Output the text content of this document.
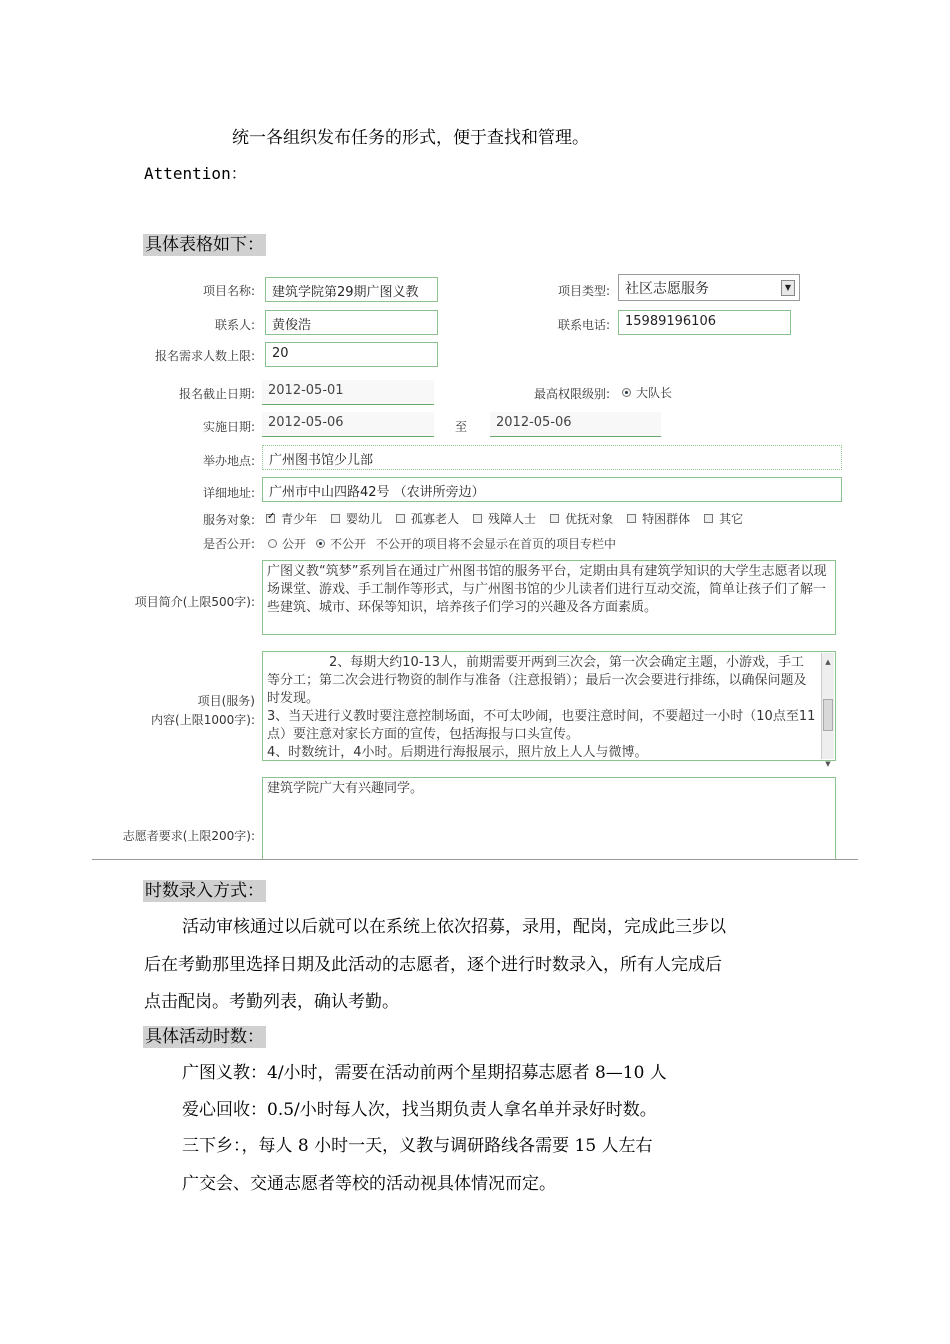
统一各组织发布任务的形式，便于查找和管理。
Attention：
具体表格如下：
项目名称:	建筑学院第29期广图义教	项目类型:	社区志愿服务	▼
联系人:	黄俊浩	联系电话:	15989196106
报名需求人数上限:	20
报名截止日期:	2012-05-01	最高权限级别: 大队长
实施日期:	2012-05-06	至	2012-05-06
举办地点:	广州图书馆少儿部
详细地址:	广州市中山四路42号 （农讲所旁边）
服务对象:
✓ 青少年 婴幼儿 孤寡老人 残障人士 优抚对象 特困群体 其它
是否公开: 公开 不公开 不公开的项目将不会显示在首页的项目专栏中
项目简介(上限500字):
广图义教“筑梦”系列旨在通过广州图书馆的服务平台，定期由具有建筑学知识的大学生志愿者以现场课堂、游戏、手工制作等形式，与广州图书馆的少儿读者们进行互动交流，简单让孩子们了解一些建筑、城市、环保等知识，培养孩子们学习的兴趣及各方面素质。
项目(服务)
内容(上限1000字):
2、每期大约10-13人，前期需要开两到三次会，第一次会确定主题，小游戏，手工等分工；第二次会进行物资的制作与准备（注意报销）；最后一次会要进行排练，以确保问题及时发现。
3、当天进行义教时要注意控制场面，不可太吵闹，也要注意时间，不要超过一小时（10点至11点）要注意对家长方面的宣传，包括海报与口头宣传。
4、时数统计，4小时。后期进行海报展示，照片放上人人与微博。
▲
▼
志愿者要求(上限200字):
建筑学院广大有兴趣同学。
时数录入方式：
活动审核通过以后就可以在系统上依次招募，录用，配岗，完成此三步以
后在考勤那里选择日期及此活动的志愿者，逐个进行时数录入，所有人完成后
点击配岗。考勤列表，确认考勤。
具体活动时数：
广图义教：4/小时，需要在活动前两个星期招募志愿者 8—10 人
爱心回收：0.5/小时每人次，找当期负责人拿名单并录好时数。
三下乡：，每人 8 小时一天，义教与调研路线各需要 15 人左右
广交会、交通志愿者等校的活动视具体情况而定。
